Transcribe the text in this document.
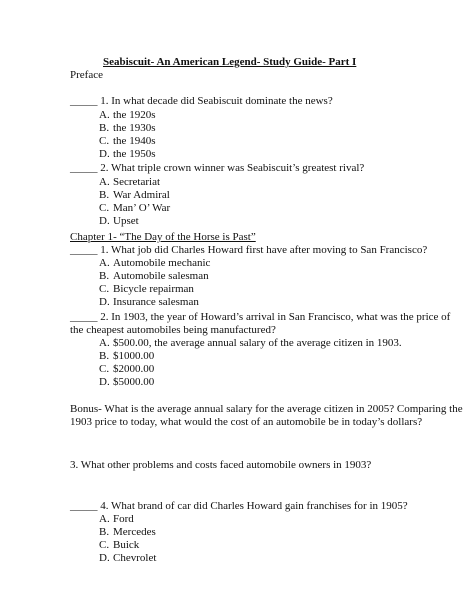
Seabiscuit- An American Legend- Study Guide- Part I
Preface
_____ 1. In what decade did Seabiscuit dominate the news?
A. the 1920s
B. the 1930s
C. the 1940s
D. the 1950s
_____ 2. What triple crown winner was Seabiscuit’s greatest rival?
A. Secretariat
B. War Admiral
C. Man’ O’ War
D. Upset
Chapter 1- “The Day of the Horse is Past”
_____ 1. What job did Charles Howard first have after moving to San Francisco?
A. Automobile mechanic
B. Automobile salesman
C. Bicycle repairman
D. Insurance salesman
_____ 2. In 1903, the year of Howard’s arrival in San Francisco, what was the price of
the cheapest automobiles being manufactured?
A. $500.00, the average annual salary of the average citizen in 1903.
B. $1000.00
C. $2000.00
D. $5000.00
Bonus- What is the average annual salary for the average citizen in 2005? Comparing the
1903 price to today, what would the cost of an automobile be in today’s dollars?
3. What other problems and costs faced automobile owners in 1903?
_____ 4. What brand of car did Charles Howard gain franchises for in 1905?
A. Ford
B. Mercedes
C. Buick
D. Chevrolet
